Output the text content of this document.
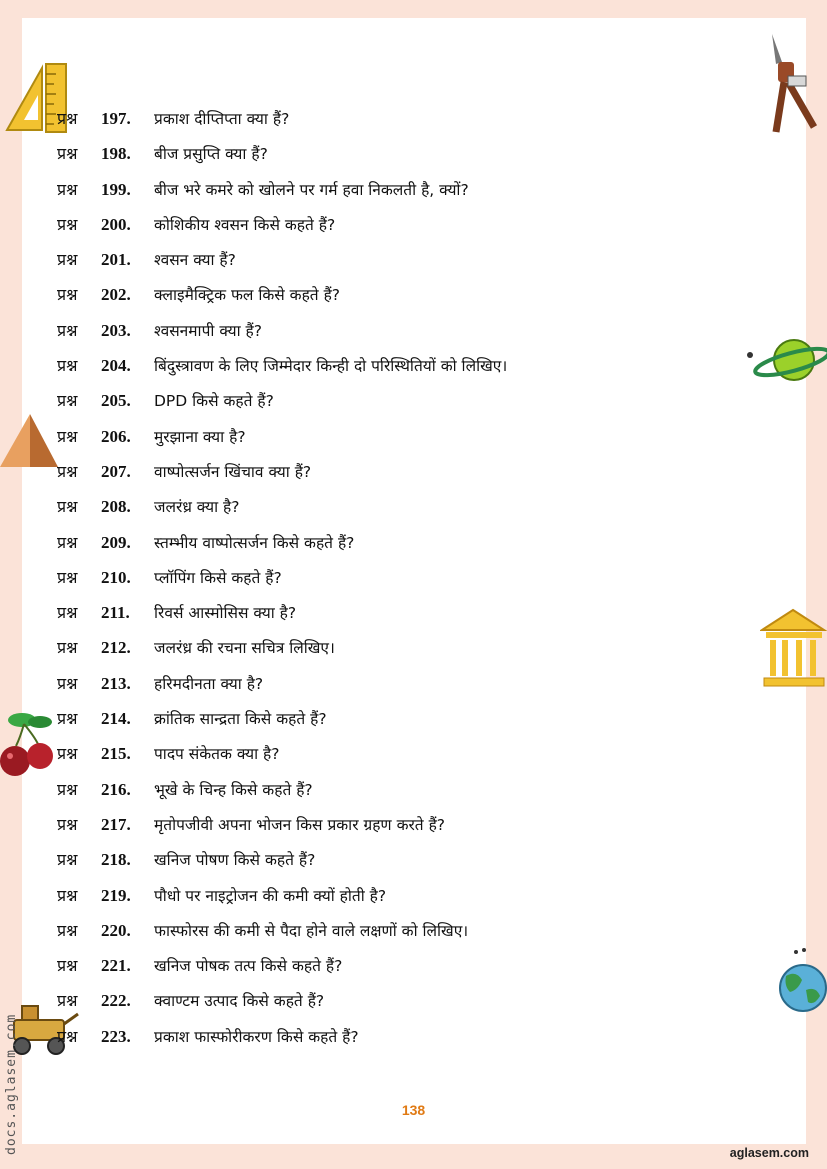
प्रश्न 197. प्रकाश दीप्तिप्ता क्या हैं?
प्रश्न 198. बीज प्रसुप्ति क्या हैं?
प्रश्न 199. बीज भरे कमरे को खोलने पर गर्म हवा निकलती है, क्यों?
प्रश्न 200. कोशिकीय श्वसन किसे कहते हैं?
प्रश्न 201. श्वसन क्या हैं?
प्रश्न 202. क्लाइमैक्ट्रिक फल किसे कहते हैं?
प्रश्न 203. श्वसनमापी क्या हैं?
प्रश्न 204. बिंदुस्त्रावण के लिए जिम्मेदार किन्ही दो परिस्थितियों को लिखिए।
प्रश्न 205. DPD किसे कहते हैं?
प्रश्न 206. मुरझाना क्या है?
प्रश्न 207. वाष्पोत्सर्जन खिंचाव क्या हैं?
प्रश्न 208. जलरंध्र क्या है?
प्रश्न 209. स्तम्भीय वाष्पोत्सर्जन किसे कहते हैं?
प्रश्न 210. प्लॉपिंग किसे कहते हैं?
प्रश्न 211. रिवर्स आस्मोसिस क्या है?
प्रश्न 212. जलरंध्र की रचना सचित्र लिखिए।
प्रश्न 213. हरिमदीनता क्या है?
प्रश्न 214. क्रांतिक सान्द्रता किसे कहते हैं?
प्रश्न 215. पादप संकेतक क्या है?
प्रश्न 216. भूखे के चिन्ह किसे कहते हैं?
प्रश्न 217. मृतोपजीवी अपना भोजन किस प्रकार ग्रहण करते हैं?
प्रश्न 218. खनिज पोषण किसे कहते हैं?
प्रश्न 219. पौधो पर नाइट्रोजन की कमी क्यों होती है?
प्रश्न 220. फास्फोरस की कमी से पैदा होने वाले लक्षणों को लिखिए।
प्रश्न 221. खनिज पोषक तत्प किसे कहते हैं?
प्रश्न 222. क्वाण्टम उत्पाद किसे कहते हैं?
प्रश्न 223. प्रकाश फास्फोरीकरण किसे कहते हैं?
138
aglasem.com
docs.aglasem.com
